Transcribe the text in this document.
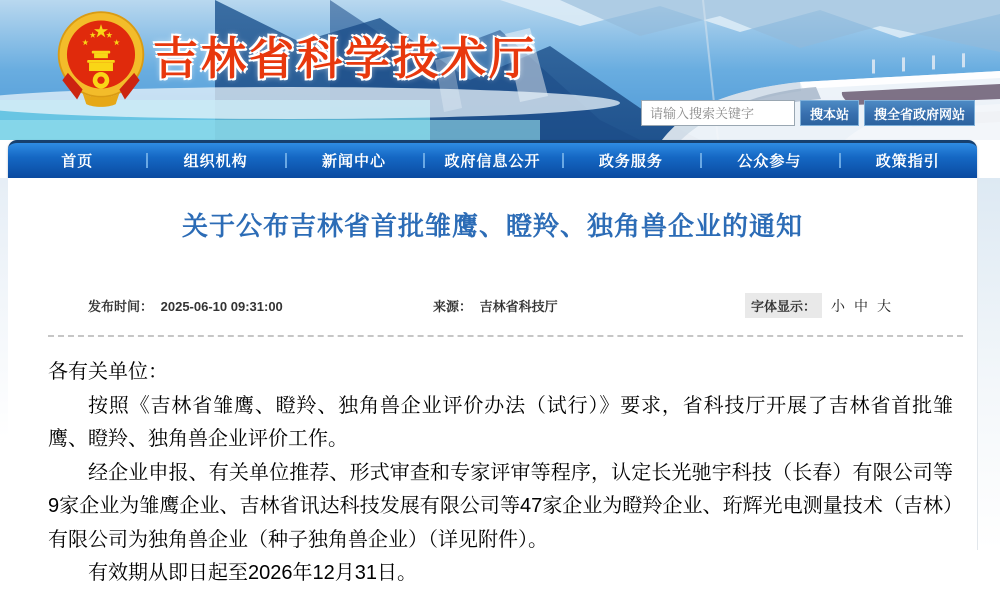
吉林省科学技术厅
请输入搜索关键字
搜本站	搜全省政府网站
首页	组织机构	新闻中心	政府信息公开	政务服务	公众参与	政策指引
关于公布吉林省首批雏鹰、瞪羚、独角兽企业的通知
发布时间： 2025-06-10 09:31:00	来源： 吉林省科技厅	字体显示：	小 中 大

各有关单位：

按照《吉林省雏鹰、瞪羚、独角兽企业评价办法（试行）》要求，省科技厅开展了吉林省首批雏鹰、瞪羚、独角兽企业评价工作。

经企业申报、有关单位推荐、形式审查和专家评审等程序，认定长光驰宇科技（长春）有限公司等9家企业为雏鹰企业、吉林省讯达科技发展有限公司等47家企业为瞪羚企业、珩辉光电测量技术（吉林）有限公司为独角兽企业（种子独角兽企业）（详见附件）。

有效期从即日起至2026年12月31日。
